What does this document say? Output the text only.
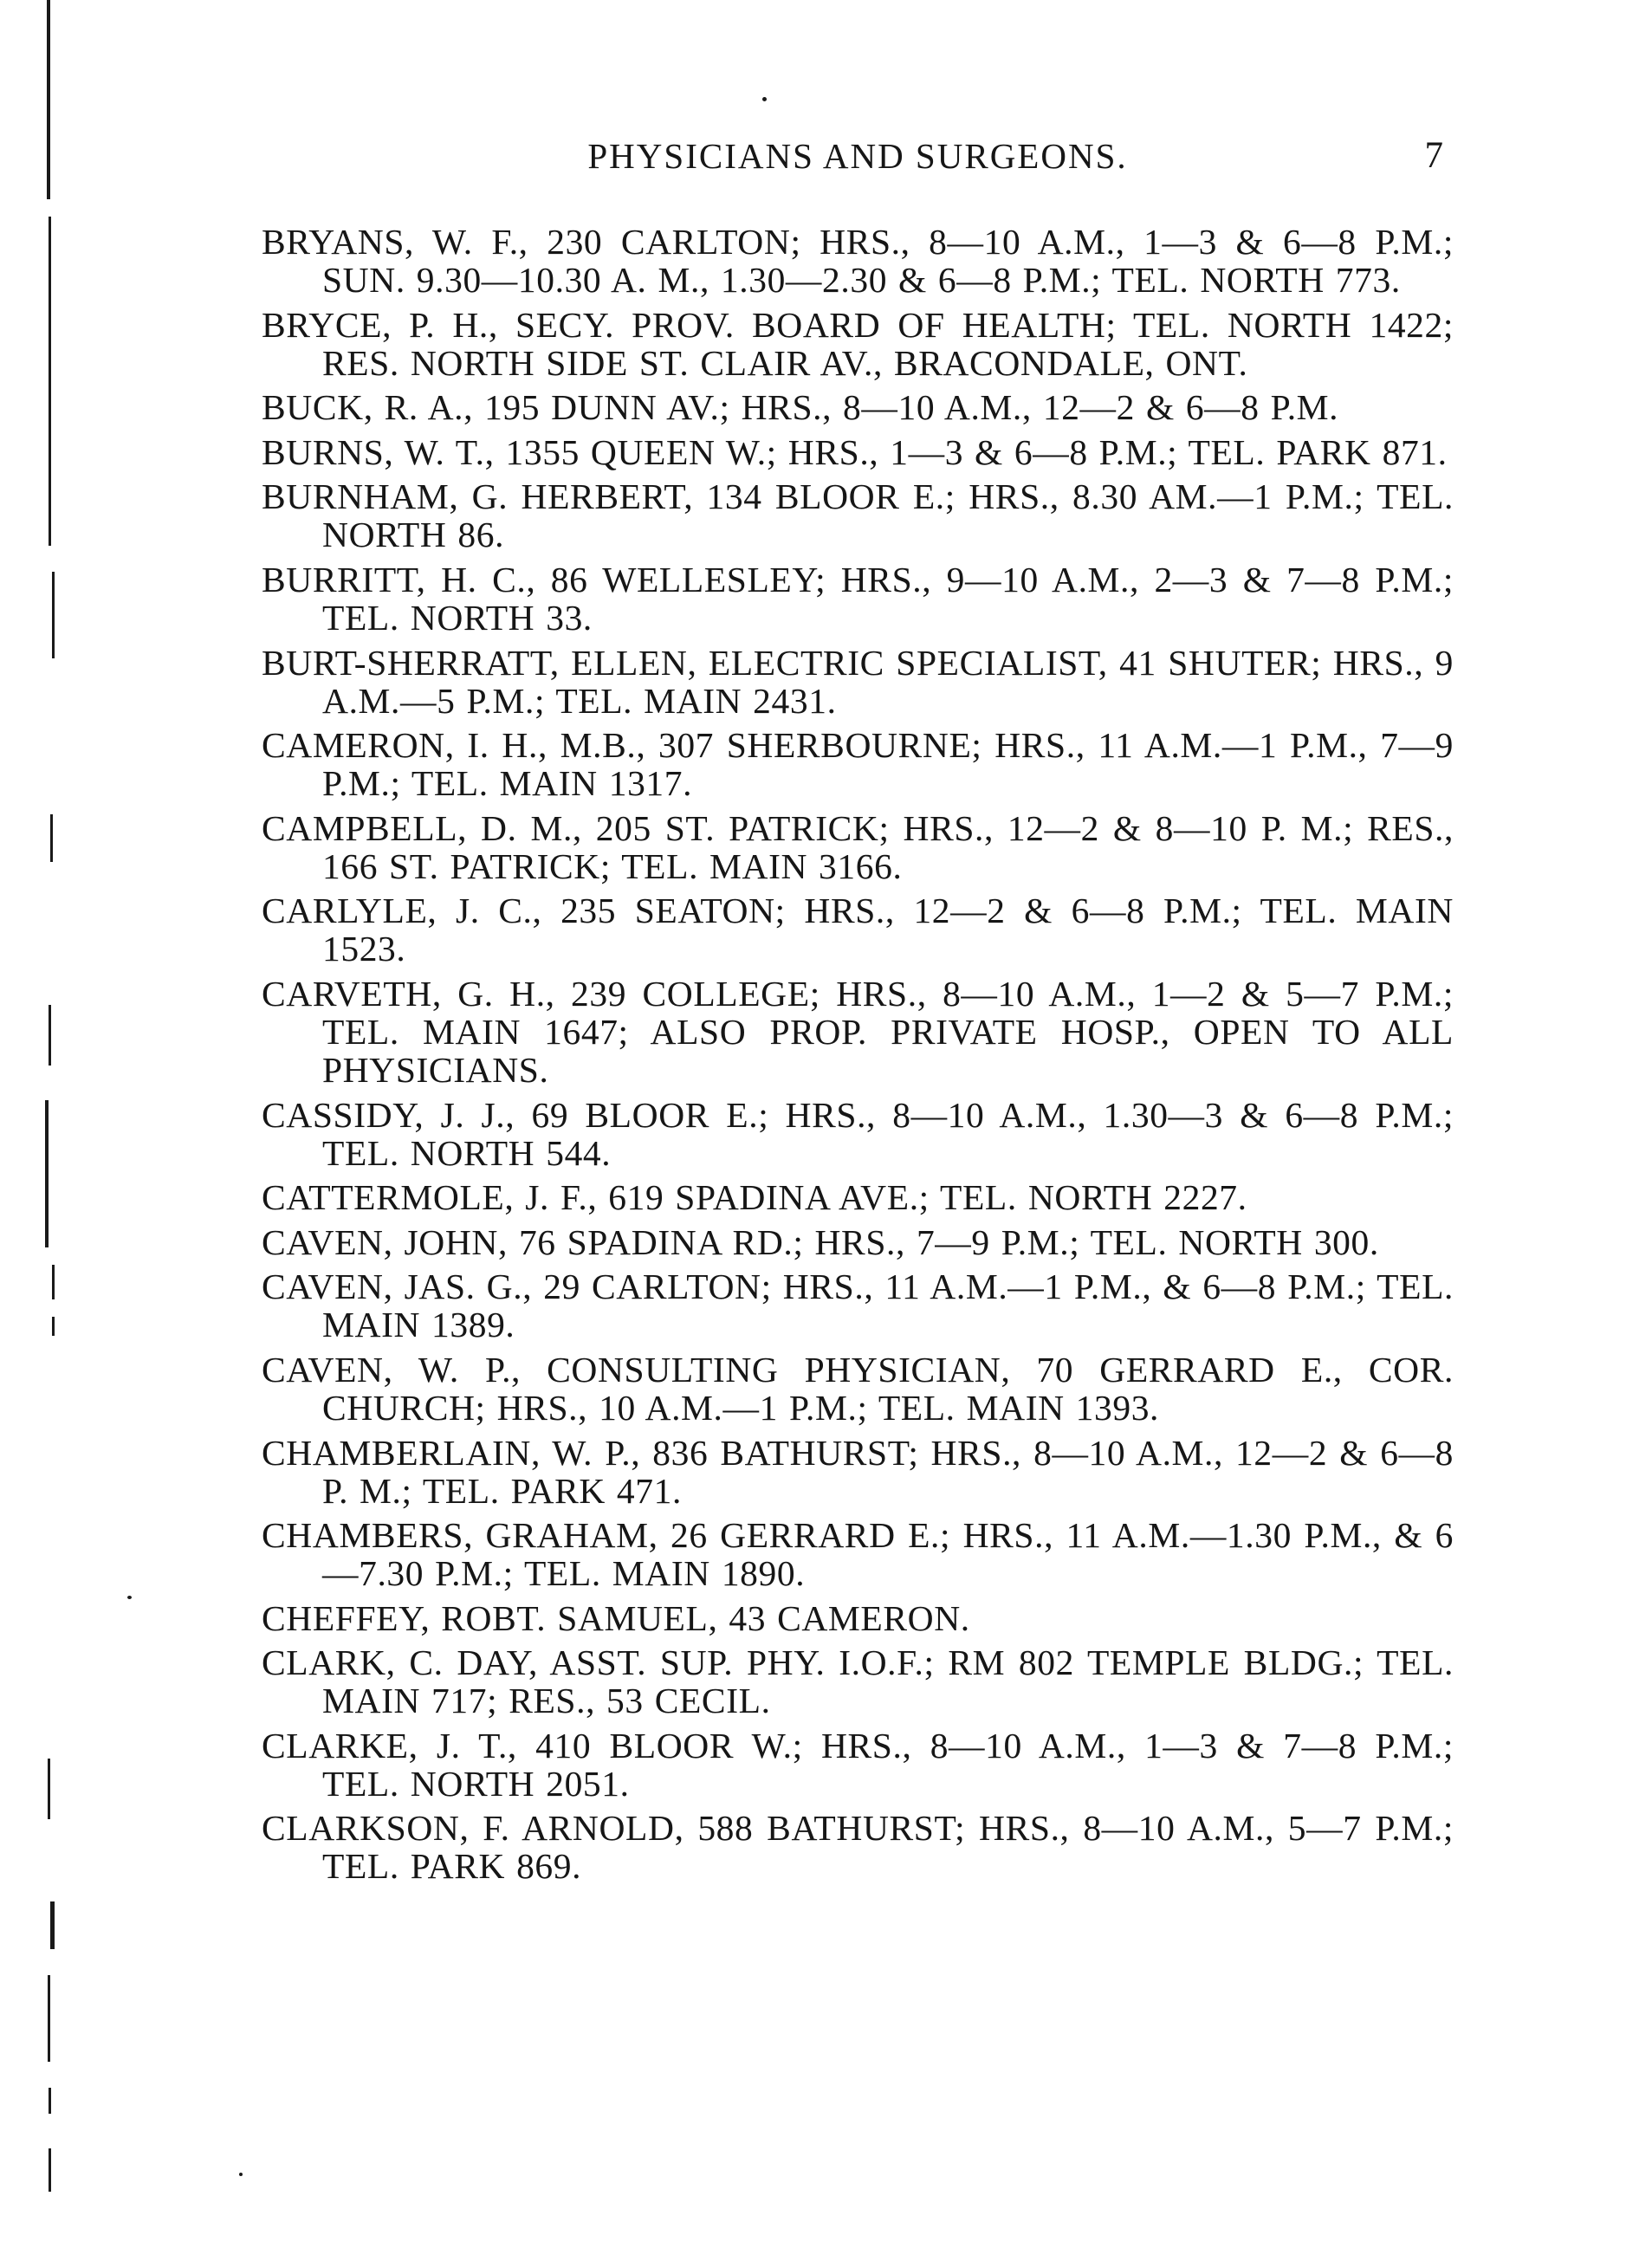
PHYSICIANS AND SURGEONS.	7
BRYANS, W. F., 230 CARLTON; HRS., 8—10 A.M., 1—3 & 6—8 P.M.; SUN. 9.30—10.30 A. M., 1.30—2.30 & 6—8 P.M.; TEL. NORTH 773.
BRYCE, P. H., SECY. PROV. BOARD OF HEALTH; TEL. NORTH 1422; RES. NORTH SIDE ST. CLAIR AV., BRACONDALE, ONT.
BUCK, R. A., 195 DUNN AV.; HRS., 8—10 A.M., 12—2 & 6—8 P.M.
BURNS, W. T., 1355 QUEEN W.; HRS., 1—3 & 6—8 P.M.; TEL. PARK 871.
BURNHAM, G. HERBERT, 134 BLOOR E.; HRS., 8.30 AM.—1 P.M.; TEL. NORTH 86.
BURRITT, H. C., 86 WELLESLEY; HRS., 9—10 A.M., 2—3 & 7—8 P.M.; TEL. NORTH 33.
BURT-SHERRATT, ELLEN, ELECTRIC SPECIALIST, 41 SHUTER; HRS., 9 A.M.—5 P.M.; TEL. MAIN 2431.
CAMERON, I. H., M.B., 307 SHERBOURNE; HRS., 11 A.M.—1 P.M., 7—9 P.M.; TEL. MAIN 1317.
CAMPBELL, D. M., 205 ST. PATRICK; HRS., 12—2 & 8—10 P. M.; RES., 166 ST. PATRICK; TEL. MAIN 3166.
CARLYLE, J. C., 235 SEATON; HRS., 12—2 & 6—8 P.M.; TEL. MAIN 1523.
CARVETH, G. H., 239 COLLEGE; HRS., 8—10 A.M., 1—2 & 5—7 P.M.; TEL. MAIN 1647; ALSO PROP. PRIVATE HOSP., OPEN TO ALL PHYSICIANS.
CASSIDY, J. J., 69 BLOOR E.; HRS., 8—10 A.M., 1.30—3 & 6—8 P.M.; TEL. NORTH 544.
CATTERMOLE, J. F., 619 SPADINA AVE.; TEL. NORTH 2227.
CAVEN, JOHN, 76 SPADINA RD.; HRS., 7—9 P.M.; TEL. NORTH 300.
CAVEN, JAS. G., 29 CARLTON; HRS., 11 A.M.—1 P.M., & 6—8 P.M.; TEL. MAIN 1389.
CAVEN, W. P., CONSULTING PHYSICIAN, 70 GERRARD E., COR. CHURCH; HRS., 10 A.M.—1 P.M.; TEL. MAIN 1393.
CHAMBERLAIN, W. P., 836 BATHURST; HRS., 8—10 A.M., 12—2 & 6—8 P. M.; TEL. PARK 471.
CHAMBERS, GRAHAM, 26 GERRARD E.; HRS., 11 A.M.—1.30 P.M., & 6—7.30 P.M.; TEL. MAIN 1890.
CHEFFEY, ROBT. SAMUEL, 43 CAMERON.
CLARK, C. DAY, ASST. SUP. PHY. I.O.F.; RM 802 TEMPLE BLDG.; TEL. MAIN 717; RES., 53 CECIL.
CLARKE, J. T., 410 BLOOR W.; HRS., 8—10 A.M., 1—3 & 7—8 P.M.; TEL. NORTH 2051.
CLARKSON, F. ARNOLD, 588 BATHURST; HRS., 8—10 A.M., 5—7 P.M.; TEL. PARK 869.
